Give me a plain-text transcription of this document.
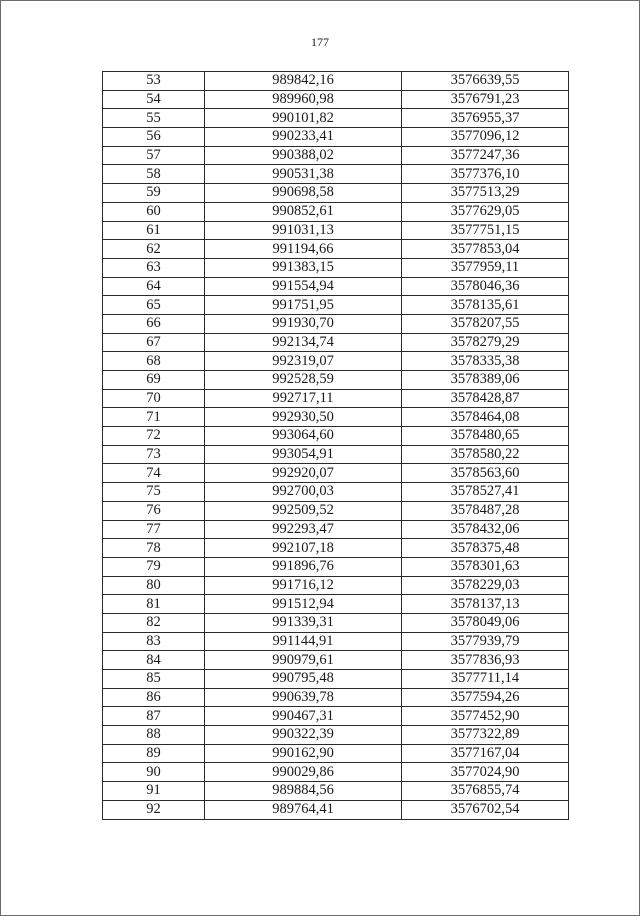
177
53	989842,16	3576639,55
54	989960,98	3576791,23
55	990101,82	3576955,37
56	990233,41	3577096,12
57	990388,02	3577247,36
58	990531,38	3577376,10
59	990698,58	3577513,29
60	990852,61	3577629,05
61	991031,13	3577751,15
62	991194,66	3577853,04
63	991383,15	3577959,11
64	991554,94	3578046,36
65	991751,95	3578135,61
66	991930,70	3578207,55
67	992134,74	3578279,29
68	992319,07	3578335,38
69	992528,59	3578389,06
70	992717,11	3578428,87
71	992930,50	3578464,08
72	993064,60	3578480,65
73	993054,91	3578580,22
74	992920,07	3578563,60
75	992700,03	3578527,41
76	992509,52	3578487,28
77	992293,47	3578432,06
78	992107,18	3578375,48
79	991896,76	3578301,63
80	991716,12	3578229,03
81	991512,94	3578137,13
82	991339,31	3578049,06
83	991144,91	3577939,79
84	990979,61	3577836,93
85	990795,48	3577711,14
86	990639,78	3577594,26
87	990467,31	3577452,90
88	990322,39	3577322,89
89	990162,90	3577167,04
90	990029,86	3577024,90
91	989884,56	3576855,74
92	989764,41	3576702,54
